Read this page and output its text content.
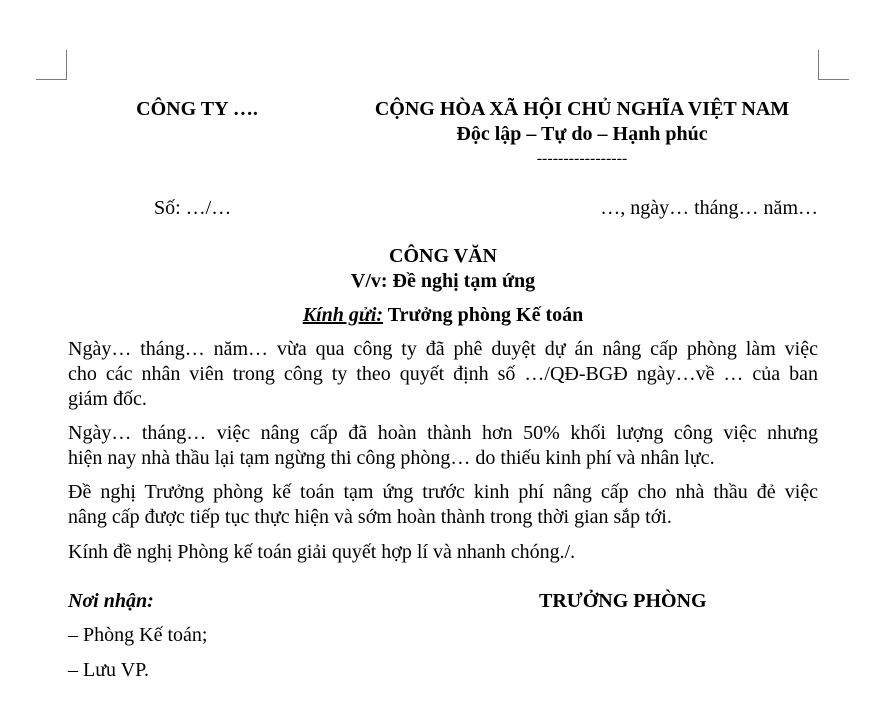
CÔNG TY ….	CỘNG HÒA XÃ HỘI CHỦ NGHĨA VIỆT NAM
Độc lập – Tự do – Hạnh phúc
-----------------
Số: …/…	…, ngày… tháng… năm…
CÔNG VĂN
V/v: Đề nghị tạm ứng
Kính gửi: Trưởng phòng Kế toán
Ngày… tháng… năm… vừa qua công ty đã phê duyệt dự án nâng cấp phòng làm việc
cho các nhân viên trong công ty theo quyết định số …/QĐ-BGĐ ngày…về … của ban
giám đốc.
Ngày… tháng… việc nâng cấp đã hoàn thành hơn 50% khối lượng công việc nhưng
hiện nay nhà thầu lại tạm ngừng thi công phòng… do thiếu kinh phí và nhân lực.
Đề nghị Trưởng phòng kế toán tạm ứng trước kinh phí nâng cấp cho nhà thầu đẻ việc
nâng cấp được tiếp tục thực hiện và sớm hoàn thành trong thời gian sắp tới.
Kính đề nghị Phòng kế toán giải quyết hợp lí và nhanh chóng./.
Nơi nhận:	TRƯỞNG PHÒNG
– Phòng Kế toán;
– Lưu VP.
